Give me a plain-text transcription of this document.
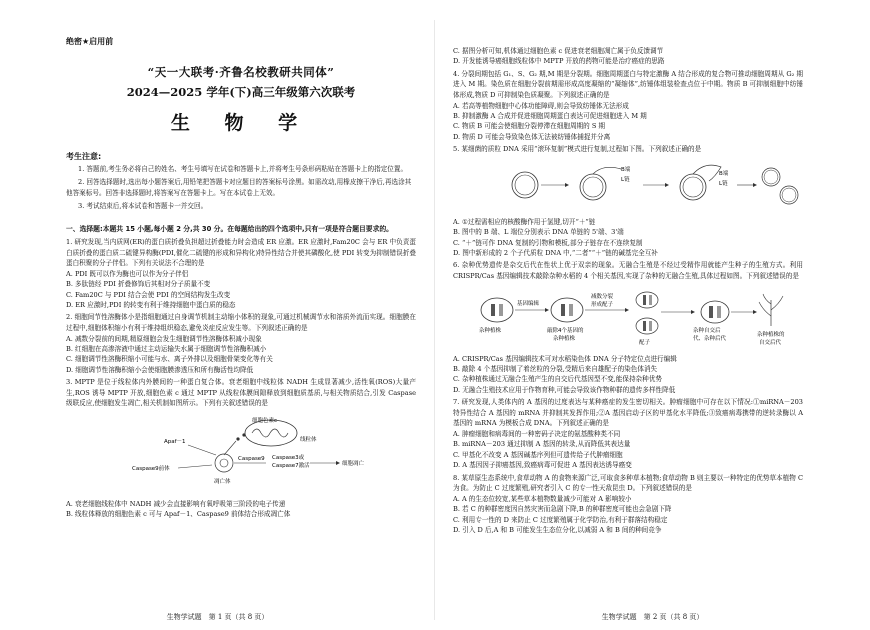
绝密★启用前
“天一大联考·齐鲁名校教研共同体”
2024—2025 学年(下)高三年级第六次联考
生 物 学
考生注意:

1. 答题前,考生务必将自己的姓名、考生号填写在试卷和答题卡上,并将考生号条形码粘贴在答题卡上的指定位置。

2. 回答选择题时,选出每小题答案后,用铅笔把答题卡对应题目的答案标号涂黑。如需改动,用橡皮擦干净后,再选涂其他答案标号。回答非选择题时,将答案写在答题卡上。写在本试卷上无效。

3. 考试结束后,将本试卷和答题卡一并交回。

一、选择题:本题共 15 小题,每小题 2 分,共 30 分。在每题给出的四个选项中,只有一项是符合题目要求的。
1. 研究发现,当内质网(ER)的蛋白质折叠负担超过折叠能力时会造成 ER 应激。ER 应激时,Fam20C 会与 ER 中负责蛋白质折叠的蛋白质二硫键异构酶(PDI,催化二硫键的形成和异构化)特异性结合并使其磷酸化,使 PDI 转变为抑制错误折叠蛋白积聚的分子伴侣。下列有关说法不合理的是
A. PDI 既可以作为酶也可以作为分子伴侣
B. 多肽链经 PDI 折叠修饰后其相对分子质量不变
C. Fam20C 与 PDI 结合会使 PDI 的空间结构发生改变
D. ER 应激时,PDI 的转变有利于维持细胞中蛋白质的稳态
2. 细胞间节性溶酶体小是指细胞通过自身调节机制主动缩小体积的现象,可通过机械调节水和溶质外流而实现。细胞膜在过程中,细胞体积缩小有利于维持组织稳态,避免炎症反应发生等。下列叙述正确的是
A. 减数分裂前的间期,精原细胞会发生细胞调节性溶酶体积减小现象
B. 红细胞在高渗溶液中通过主动运输失水属于细胞调节性溶酶积减小
C. 细胞调节性溶酶积缩小可能与水、离子外排以及细胞骨架变化等有关
D. 细胞调节性溶酶积缩小会使细胞膜渗透压和所有酶活性均降低
3. MPTP 是位于线粒体内外膜间的一种蛋白复合体。衰老细胞中线粒体 NADH 生成显著减少,活性氧(ROS)大量产生,ROS 诱导 MPTP 开放,细胞色素 c 通过 MPTP 从线粒体膜间隙释放到细胞质基质,与相关物质结合,引发 Caspase 级联反应,使细胞发生凋亡,相关机制如图所示。下列有关叙述错误的是
细胞色素c
线粒体
Apaf－1
凋亡体
Caspase9前体
Caspase9 Caspase3或
Caspase7激活	细胞凋亡
A. 衰老细胞线粒体中 NADH 减少会直接影响有氧呼吸第三阶段的电子传递
B. 线粒体释放的细胞色素 c 可与 Apaf－1、Caspase9 前体结合形成凋亡体
生物学试题　第 1 页（共 8 页）
C. 据图分析可知,机体通过细胞色素 c 促进衰老细胞凋亡属于负反馈调节
D. 开发能诱导癌细胞线粒体中 MPTP 开放的药物可能是治疗癌症的思路
4. 分裂间期包括 G₁、S、G₂ 期,M 期是分裂期。细胞周期蛋白与特定激酶 A 结合形成的复合物可推动细胞周期从 G₂ 期进入 M 期。染色质在细胞分裂前期需形成高度凝缩的“凝缩体”,纺锤体组装检查点位于中期。物质 B 可抑制细胞中纺锤体形成,物质 D 可抑制染色质凝聚。下列叙述正确的是
A. 若高等植物细胞中心体功能障碍,则会导致纺锤体无法形成
B. 抑制激酶 A 合成并促进细胞周期蛋白表达可促进细胞进入 M 期
C. 物质 B 可能会使细胞分裂停滞在细胞周期的 S 期
D. 物质 D 可能会导致染色体无法被纺锤体捕捉并分离
5. 某细菌的质粒 DNA 采用“滚环复制”模式进行复制,过程如下图。下列叙述正确的是
B端
L链
B端
L链
A. ①过程需相应的核酸酶作用于氢键,切开“＋”链
B. 图中的 B 端、L 端位分别表示 DNA 单链的 5'端、3'端
C. “＋”链可作 DNA 复制的引物和模板,部分子链存在不连续复制
D. 图中新形成的 2 个子代质粒 DNA 中,“二者”“＋”链的碱基完全互补
6. 杂种优势遗传是杂交后代在性状上优于双亲的现象。无融合生殖是不经过受精作用就能产生种子的生殖方式。利用 CRISPR/Cas 基因编辑技术敲除杂种水稻的 4 个相关基因,实现了杂种的无融合生殖,具体过程如图。下列叙述错误的是
杂种植株
基因编辑
敲除4个基因的
杂种植株
减数分裂
形成配子
配子
杂种自交后
代、杂种后代
杂种植株的
自交后代
A. CRISPR/Cas 基因编辑技术可对水稻染色体 DNA 分子特定位点进行编辑
B. 敲除 4 个基因抑制了着丝粒的分裂,受精后来自雄配子的染色体消失
C. 杂种植株通过无融合生殖产生的自交后代基因型不变,能保持杂种优势
D. 无融合生殖技术应用于作物育种,可能会导致该作物种群的遗传多样性降低
7. 研究发现,人类体内的 A 基因的过度表达与某种癌症的发生密切相关。肿瘤细胞中可存在以下情况:①miRNA－203 特异性结合 A 基因的 mRNA 并抑制其发挥作用;②A 基因启动子区的甲基化水平降低;③致癌病毒携带的逆转录酶以 A 基因的 mRNA 为模板合成 DNA。下列叙述正确的是
A. 肿瘤细胞和病毒间的一种密码子决定的氨基酸种类不同
B. miRNA－203 通过抑制 A 基因的转录,从而降低其表达量
C. 甲基化不改变 A 基因碱基序列但可遗传给子代肿瘤细胞
D. A 基因因子抑癌基因,致癌病毒可促进 A 基因表达诱导癌变
8. 某草原生态系统中,食草动物 A 的食物来源广泛,可取食多种草本植物;食草动物 B 则主要以一种特定的优势草本植物 C 为食。为防止 C 过度繁殖,研究者引入 C 的专一性天敌昆虫 D。下列叙述错误的是
A. A 的生态位较宽,某些草本植物数量减少可能对 A 影响较小
B. 若 C 的种群密度因自然灾害而急剧下降,B 的种群密度可能也会急剧下降
C. 利用专一性的 D 来防止 C 过度繁殖属于化学防治,有利于群落结构稳定
D. 引入 D 后,A 和 B 可能发生生态位分化,以减弱 A 和 B 间的种间竞争
生物学试题　第 2 页（共 8 页）
